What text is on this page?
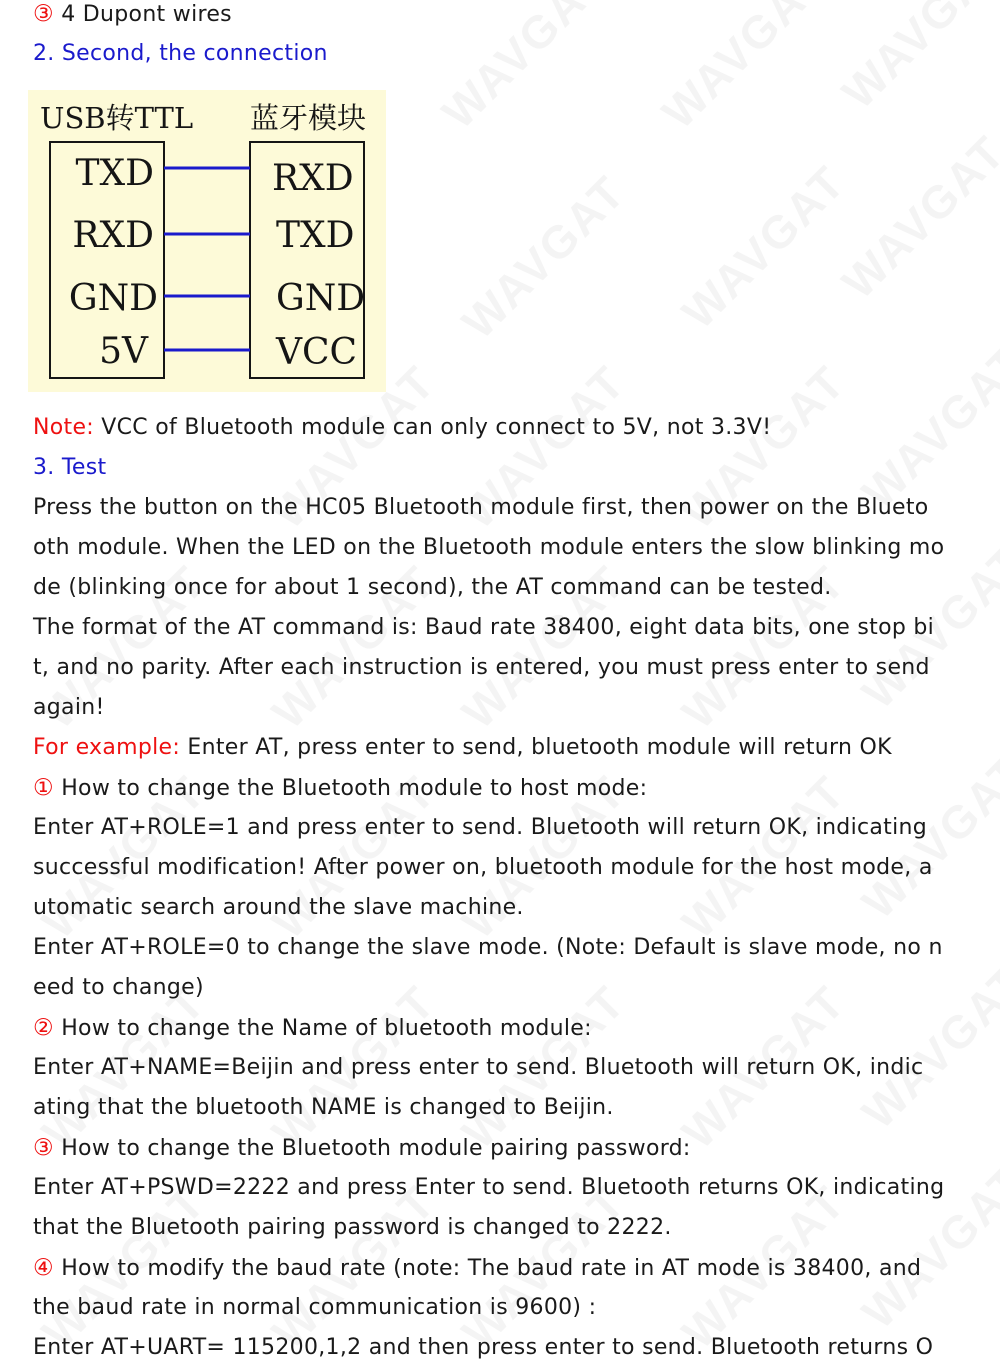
③ 4 Dupont wires
2. Second, the connection
USB转TTL 蓝牙模块
TXD
RXD
GND
5V
RXD
TXD
GND
VCC
Note: VCC of Bluetooth module can only connect to 5V, not 3.3V!
3. Test
Press the button on the HC05 Bluetooth module first, then power on the Blueto
oth module. When the LED on the Bluetooth module enters the slow blinking mo
de (blinking once for about 1 second), the AT command can be tested.
The format of the AT command is: Baud rate 38400, eight data bits, one stop bi
t, and no parity. After each instruction is entered, you must press enter to send
again!
For example: Enter AT, press enter to send, bluetooth module will return OK
① How to change the Bluetooth module to host mode:
Enter AT+ROLE=1 and press enter to send. Bluetooth will return OK, indicating
successful modification! After power on, bluetooth module for the host mode, a
utomatic search around the slave machine.
Enter AT+ROLE=0 to change the slave mode. (Note: Default is slave mode, no n
eed to change)
② How to change the Name of bluetooth module:
Enter AT+NAME=Beijin and press enter to send. Bluetooth will return OK, indic
ating that the bluetooth NAME is changed to Beijin.
③ How to change the Bluetooth module pairing password:
Enter AT+PSWD=2222 and press Enter to send. Bluetooth returns OK, indicating
that the Bluetooth pairing password is changed to 2222.
④ How to modify the baud rate (note: The baud rate in AT mode is 38400, and
the baud rate in normal communication is 9600) :
Enter AT+UART= 115200,1,2 and then press enter to send. Bluetooth returns O
